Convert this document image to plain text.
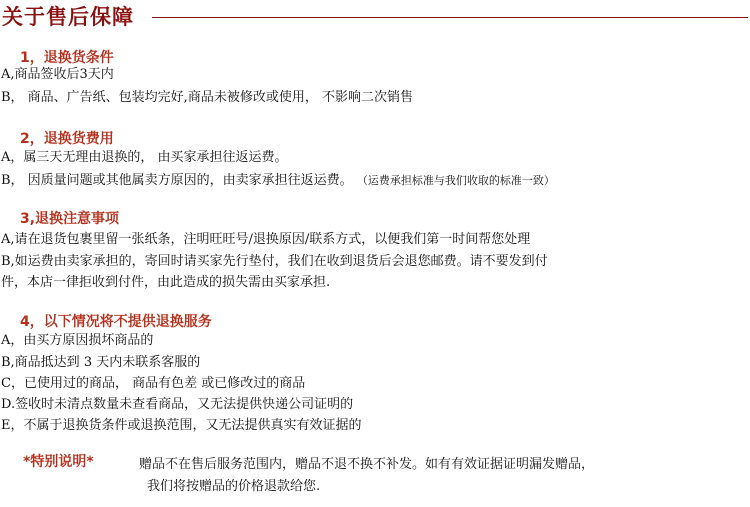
关于售后保障
1，退换货条件
A,商品签收后3天内
B， 商品、广告纸、包装均完好,商品未被修改或使用， 不影响二次销售
2，退换货费用
A，属三天无理由退换的， 由买家承担往返运费。
B， 因质量问题或其他属卖方原因的，由卖家承担往返运费。 （运费承担标准与我们收取的标准一致）
3,退换注意事项
A,请在退货包裹里留一张纸条，注明旺旺号/退换原因/联系方式，以便我们第一时间帮您处理
B,如运费由卖家承担的，寄回时请买家先行垫付，我们在收到退货后会退您邮费。请不要发到付
件，本店一律拒收到付件，由此造成的损失需由买家承担.
4，以下情况将不提供退换服务
A，由买方原因损坏商品的
B,商品抵达到 3 天内未联系客服的
C，已使用过的商品， 商品有色差 或已修改过的商品
D.签收时未清点数量未查看商品，又无法提供快递公司证明的
E，不属于退换货条件或退换范围，又无法提供真实有效证据的
*特别说明*	赠品不在售后服务范围内，赠品不退不换不补发。如有有效证据证明漏发赠品，
我们将按赠品的价格退款给您.
